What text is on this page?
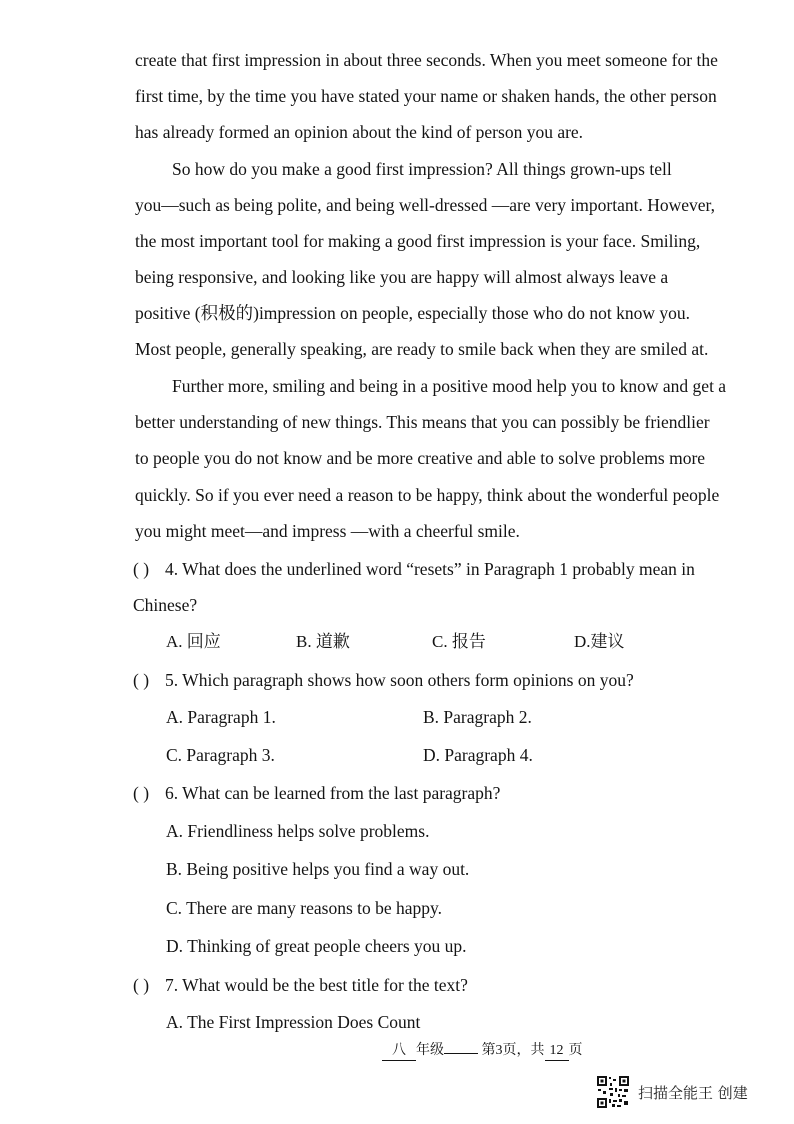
create that first impression in about three seconds. When you meet someone for the
first time, by the time you have stated your name or shaken hands, the other person
has already formed an opinion about the kind of person you are.
So how do you make a good first impression? All things grown-ups tell
you—such as being polite, and being well-dressed —are very important. However,
the most important tool for making a good first impression is your face. Smiling,
being responsive, and looking like you are happy will almost always leave a
positive (积极的)impression on people, especially those who do not know you.
Most people, generally speaking, are ready to smile back when they are smiled at.
Further more, smiling and being in a positive mood help you to know and get a
better understanding of new things. This means that you can possibly be friendlier
to people you do not know and be more creative and able to solve problems more
quickly. So if you ever need a reason to be happy, think about the wonderful people
you might meet—and impress —with a cheerful smile.
( ) 4. What does the underlined word “resets” in Paragraph 1 probably mean in
Chinese?
A. 回应	B. 道歉	C. 报告	D.建议
( ) 5. Which paragraph shows how soon others form opinions on you?
A. Paragraph 1.	B. Paragraph 2.
C. Paragraph 3.	D. Paragraph 4.
( ) 6. What can be learned from the last paragraph?
A. Friendliness helps solve problems.
B. Being positive helps you find a way out.
C. There are many reasons to be happy.
D. Thinking of great people cheers you up.
( ) 7. What would be the best title for the text?
A. The First Impression Does Count
八 年级	第3页，共 12 页
扫描全能王 创建
